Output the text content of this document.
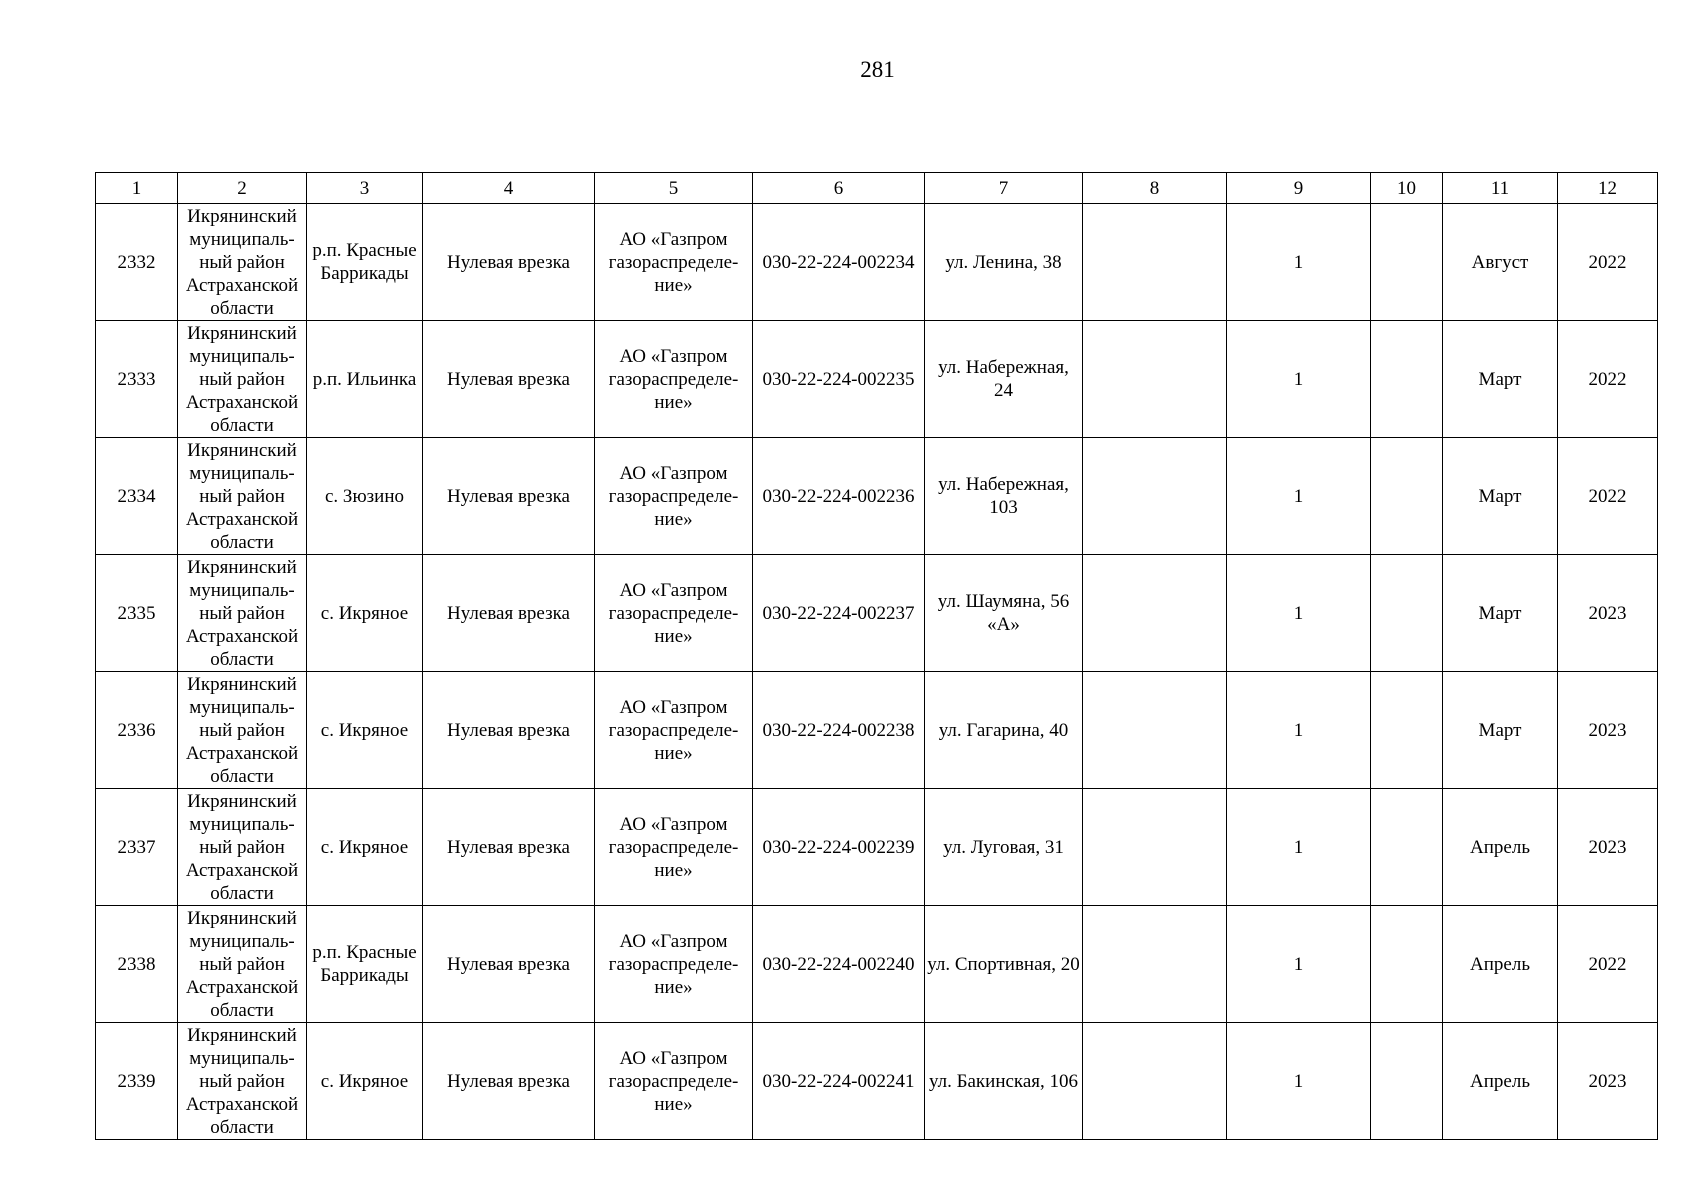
281
1	2	3	4	5	6	7	8	9	10	11	12
2332	Икрянинский муниципаль-ный район Астраханской области	р.п. Красные Баррикады	Нулевая врезка	АО «Газпром газораспределе-ние»	030-22-224-002234	ул. Ленина, 38		1		Август	2022
2333	Икрянинский муниципаль-ный район Астраханской области	р.п. Ильинка	Нулевая врезка	АО «Газпром газораспределе-ние»	030-22-224-002235	ул. Набережная, 24		1		Март	2022
2334	Икрянинский муниципаль-ный район Астраханской области	с. Зюзино	Нулевая врезка	АО «Газпром газораспределе-ние»	030-22-224-002236	ул. Набережная, 103		1		Март	2022
2335	Икрянинский муниципаль-ный район Астраханской области	с. Икряное	Нулевая врезка	АО «Газпром газораспределе-ние»	030-22-224-002237	ул. Шаумяна, 56 «А»		1		Март	2023
2336	Икрянинский муниципаль-ный район Астраханской области	с. Икряное	Нулевая врезка	АО «Газпром газораспределе-ние»	030-22-224-002238	ул. Гагарина, 40		1		Март	2023
2337	Икрянинский муниципаль-ный район Астраханской области	с. Икряное	Нулевая врезка	АО «Газпром газораспределе-ние»	030-22-224-002239	ул. Луговая, 31		1		Апрель	2023
2338	Икрянинский муниципаль-ный район Астраханской области	р.п. Красные Баррикады	Нулевая врезка	АО «Газпром газораспределе-ние»	030-22-224-002240	ул. Спортивная, 20		1		Апрель	2022
2339	Икрянинский муниципаль-ный район Астраханской области	с. Икряное	Нулевая врезка	АО «Газпром газораспределе-ние»	030-22-224-002241	ул. Бакинская, 106		1		Апрель	2023
